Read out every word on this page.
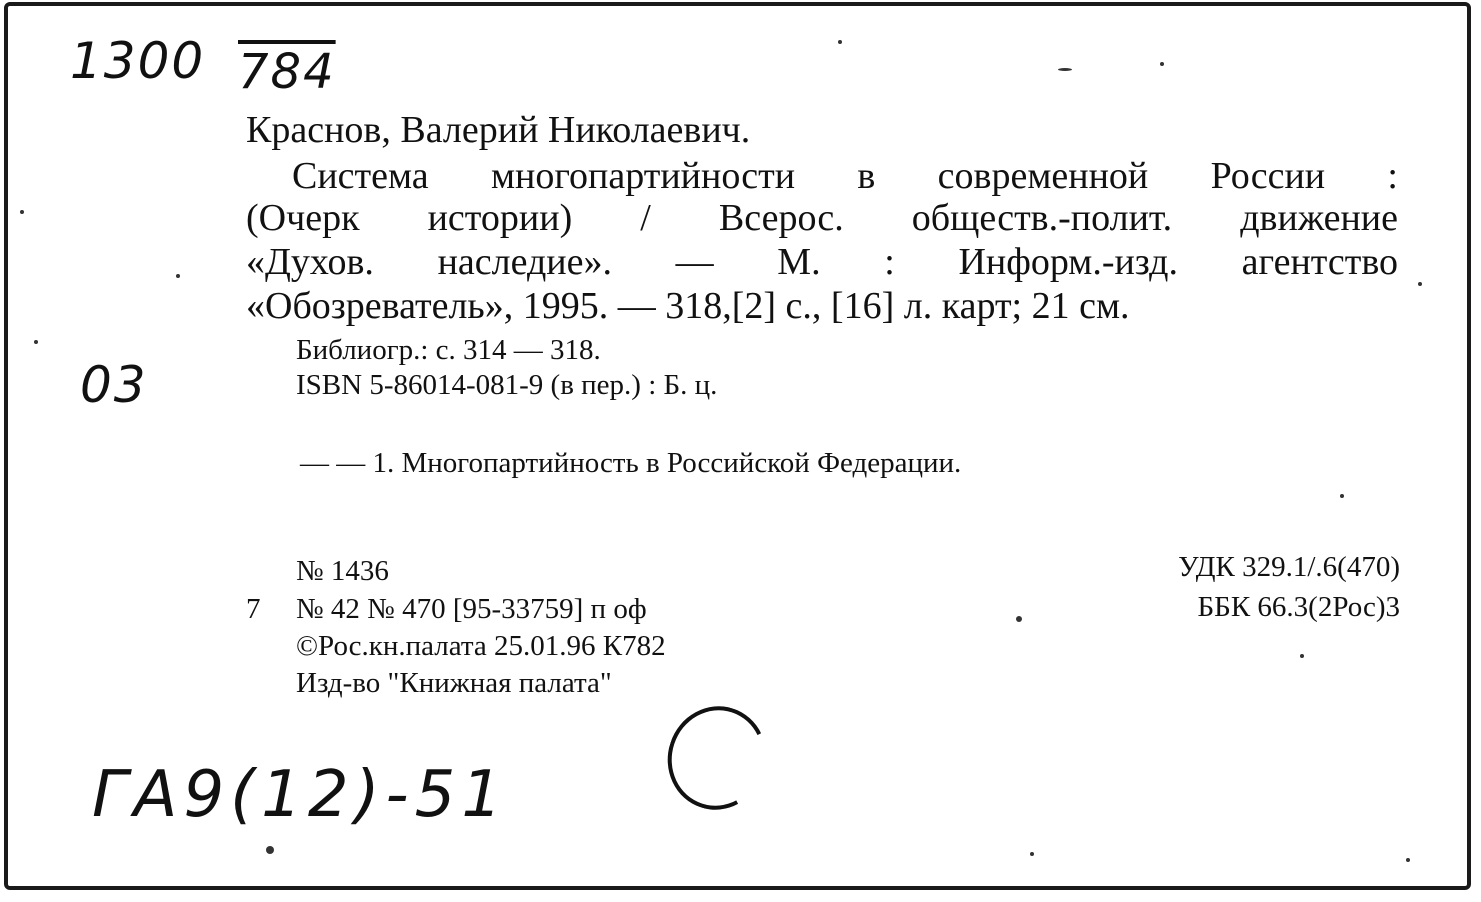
1300 784
03
ГА9(12)-51
Краснов, Валерий Николаевич.
Система многопартийности в современной России :
(Очерк истории) / Всерос. обществ.-полит. движение
«Духов. наследие». — М. : Информ.-изд. агентство
«Обозреватель», 1995. — 318,[2] с., [16] л. карт; 21 см.
Библиогр.: с. 314 — 318.
ISBN 5-86014-081-9 (в пер.) : Б. ц.
— — 1. Многопартийность в Российской Федерации.
№ 1436
7 № 42 № 470 [95-33759] п оф
©Рос.кн.палата 25.01.96 К782
Изд-во "Книжная палата"
УДК 329.1/.6(470)
ББК 66.3(2Рос)3
